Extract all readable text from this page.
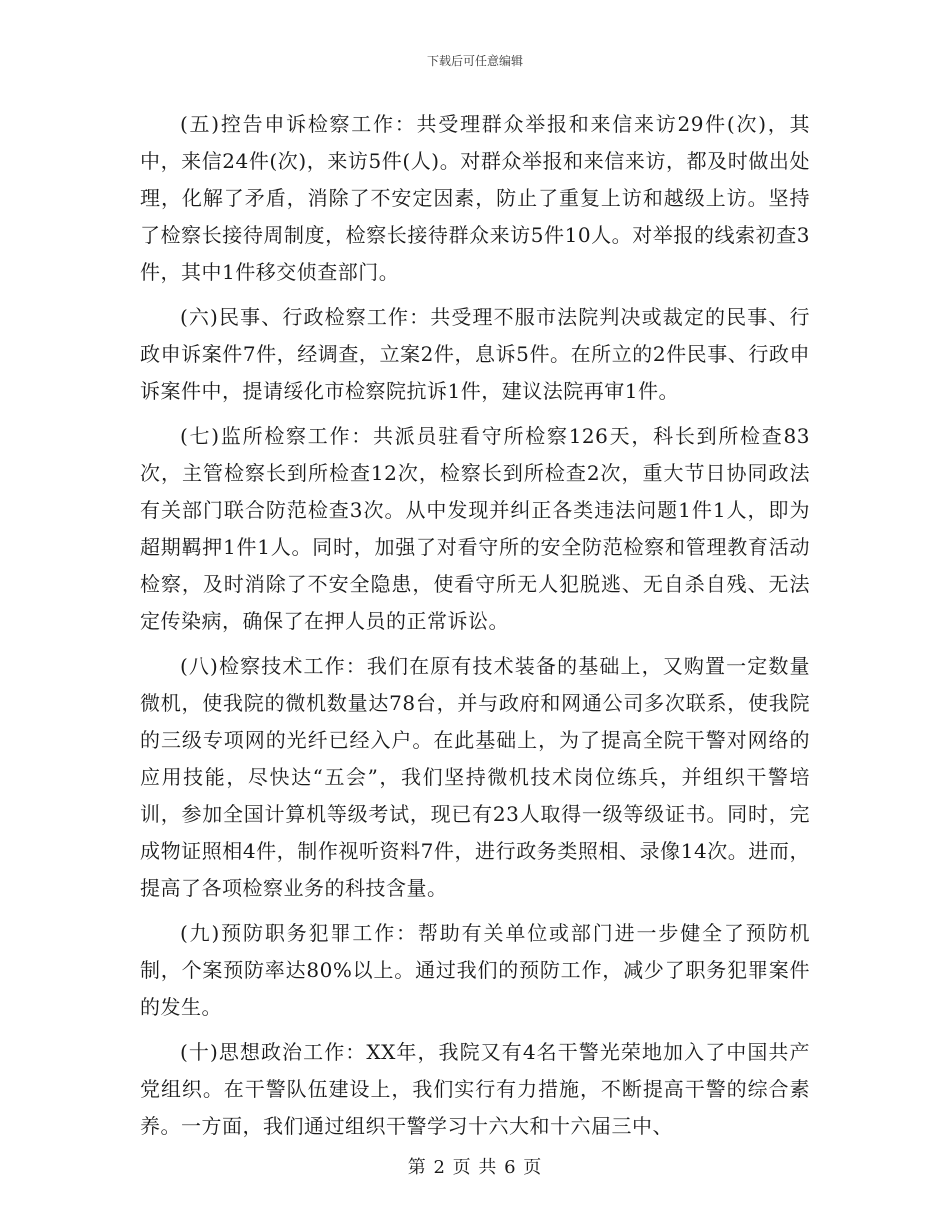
下载后可任意编辑

(五)控告申诉检察工作：共受理群众举报和来信来访29件(次)，其中，来信24件(次)，来访5件(人)。对群众举报和来信来访，都及时做出处理，化解了矛盾，消除了不安定因素，防止了重复上访和越级上访。坚持了检察长接待周制度，检察长接待群众来访5件10人。对举报的线索初查3件，其中1件移交侦查部门。

(六)民事、行政检察工作：共受理不服市法院判决或裁定的民事、行政申诉案件7件，经调查，立案2件，息诉5件。在所立的2件民事、行政申诉案件中，提请绥化市检察院抗诉1件，建议法院再审1件。

(七)监所检察工作：共派员驻看守所检察126天，科长到所检查83次，主管检察长到所检查12次，检察长到所检查2次，重大节日协同政法有关部门联合防范检查3次。从中发现并纠正各类违法问题1件1人，即为超期羁押1件1人。同时，加强了对看守所的安全防范检察和管理教育活动检察，及时消除了不安全隐患，使看守所无人犯脱逃、无自杀自残、无法定传染病，确保了在押人员的正常诉讼。

(八)检察技术工作：我们在原有技术装备的基础上，又购置一定数量微机，使我院的微机数量达78台，并与政府和网通公司多次联系，使我院的三级专项网的光纤已经入户。在此基础上，为了提高全院干警对网络的应用技能，尽快达“五会”，我们坚持微机技术岗位练兵，并组织干警培训，参加全国计算机等级考试，现已有23人取得一级等级证书。同时，完成物证照相4件，制作视听资料7件，进行政务类照相、录像14次。进而，提高了各项检察业务的科技含量。

(九)预防职务犯罪工作：帮助有关单位或部门进一步健全了预防机制，个案预防率达80%以上。通过我们的预防工作，减少了职务犯罪案件的发生。

(十)思想政治工作：XX年，我院又有4名干警光荣地加入了中国共产党组织。在干警队伍建设上，我们实行有力措施，不断提高干警的综合素养。一方面，我们通过组织干警学习十六大和十六届三中、

第 2 页 共 6 页
